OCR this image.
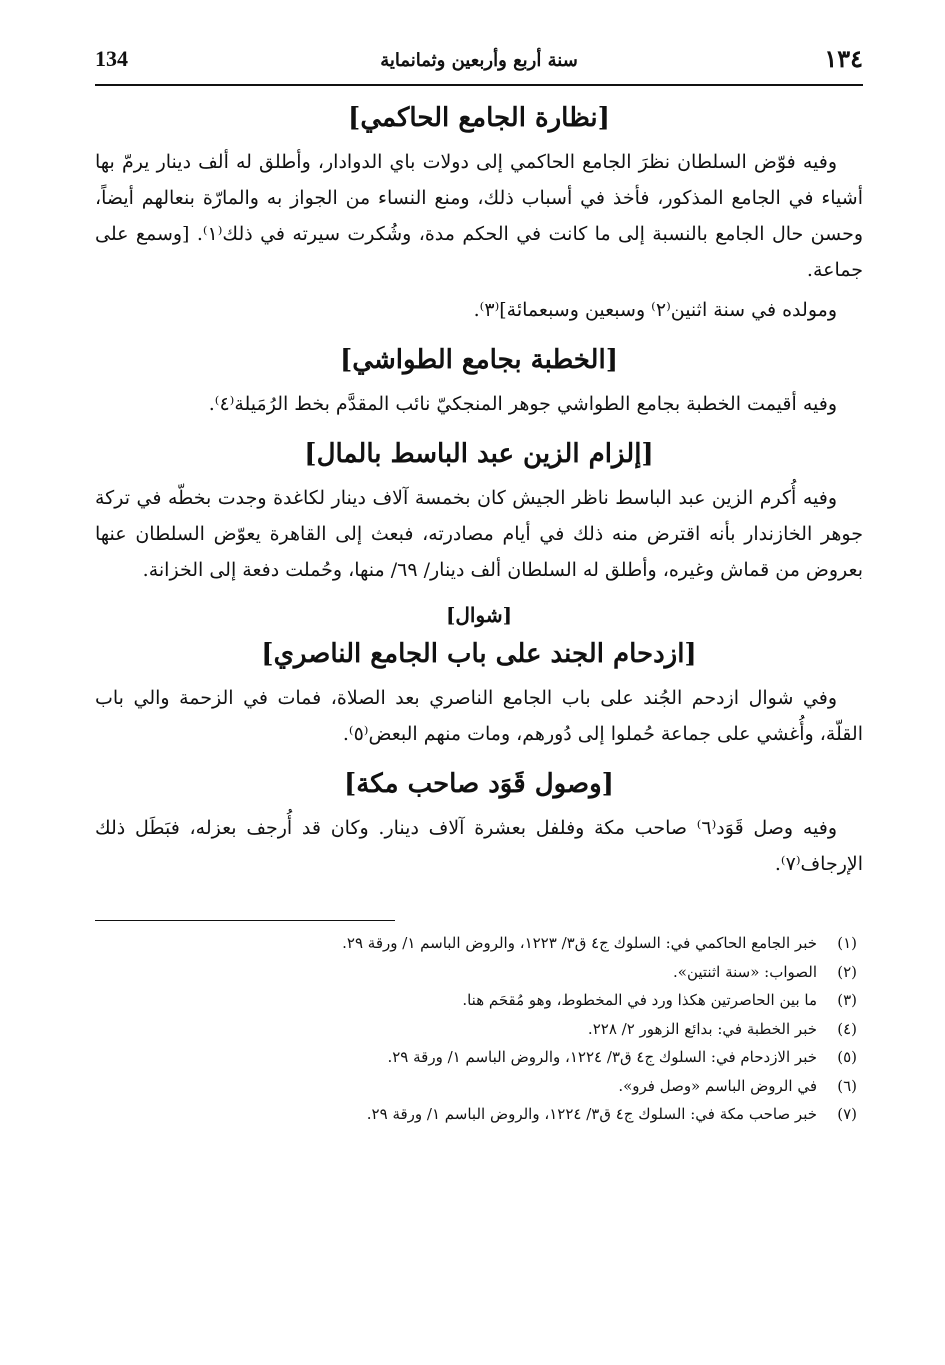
١٣٤
سنة أربع وأربعين وثمانماية
134
[نظارة الجامع الحاكمي]

وفيه فوّض السلطان نظرَ الجامع الحاكمي إلى دولات باي الدوادار، وأطلق له ألف دينار يرمّ بها أشياء في الجامع المذكور، فأخذ في أسباب ذلك، ومنع النساء من الجواز به والمارّة بنعالهم أيضاً، وحسن حال الجامع بالنسبة إلى ما كانت في الحكم مدة، وشُكرت سيرته في ذلك⁽١⁾. [وسمع على جماعة.

ومولده في سنة اثنين⁽٢⁾ وسبعين وسبعمائة]⁽٣⁾.

[الخطبة بجامع الطواشي]

وفيه أقيمت الخطبة بجامع الطواشي جوهر المنجكيّ نائب المقدَّم بخط الرُمَيلة⁽٤⁾.

[إلزام الزين عبد الباسط بالمال]

وفيه أُكرم الزين عبد الباسط ناظر الجيش كان بخمسة آلاف دينار لكاغدة وجدت بخطّه في تركة جوهر الخازندار بأنه اقترض منه ذلك في أيام مصادرته، فبعث إلى القاهرة يعوّض السلطان عنها بعروض من قماش وغيره، وأطلق له السلطان ألف دينار/ ٦٩/ منها، وحُملت دفعة إلى الخزانة.

[شوال]
[ازدحام الجند على باب الجامع الناصري]

وفي شوال ازدحم الجُند على باب الجامع الناصري بعد الصلاة، فمات في الزحمة والي باب القلّة، وأُغشي على جماعة حُملوا إلى دُورهم، ومات منهم البعض⁽٥⁾.

[وصول قَوَد صاحب مكة]

وفيه وصل قَوَد⁽٦⁾ صاحب مكة وفلفل بعشرة آلاف دينار. وكان قد أُرجف بعزله، فبَطَل ذلك الإرجاف⁽٧⁾.

(١)خبر الجامع الحاكمي في: السلوك ج٤ ق٣/ ١٢٢٣، والروض الباسم ١/ ورقة ٢٩.
(٢)الصواب: «سنة اثنتين».
(٣)ما بين الحاصرتين هكذا ورد في المخطوط، وهو مُقحَم هنا.
(٤)خبر الخطبة في: بدائع الزهور ٢/ ٢٢٨.
(٥)خبر الازدحام في: السلوك ج٤ ق٣/ ١٢٢٤، والروض الباسم ١/ ورقة ٢٩.
(٦)في الروض الباسم «وصل فرو».
(٧)خبر صاحب مكة في: السلوك ج٤ ق٣/ ١٢٢٤، والروض الباسم ١/ ورقة ٢٩.
